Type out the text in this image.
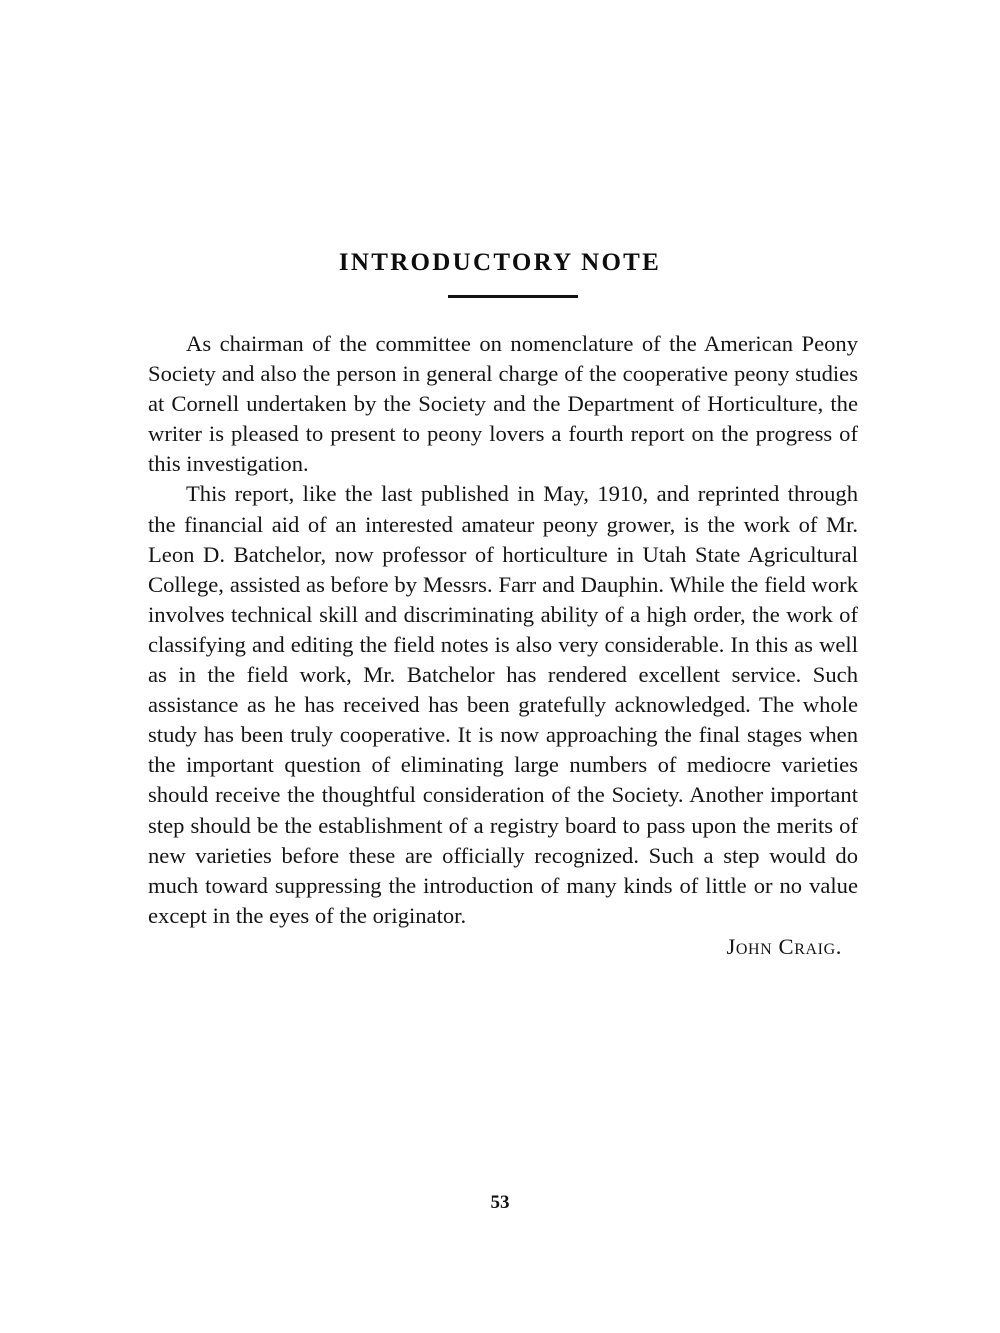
INTRODUCTORY NOTE

As chairman of the committee on nomenclature of the American Peony Society and also the person in general charge of the cooperative peony studies at Cornell undertaken by the Society and the Department of Horticulture, the writer is pleased to present to peony lovers a fourth report on the progress of this investigation.

This report, like the last published in May, 1910, and reprinted through the financial aid of an interested amateur peony grower, is the work of Mr. Leon D. Batchelor, now professor of horticulture in Utah State Agricultural College, assisted as before by Messrs. Farr and Dauphin. While the field work involves technical skill and discriminating ability of a high order, the work of classifying and editing the field notes is also very considerable. In this as well as in the field work, Mr. Batchelor has rendered excellent service. Such assistance as he has received has been gratefully acknowledged. The whole study has been truly cooperative. It is now approaching the final stages when the important question of eliminating large numbers of mediocre varieties should receive the thoughtful consideration of the Society. Another important step should be the establishment of a registry board to pass upon the merits of new varieties before these are officially recognized. Such a step would do much toward suppressing the introduction of many kinds of little or no value except in the eyes of the originator.

John Craig.

53
